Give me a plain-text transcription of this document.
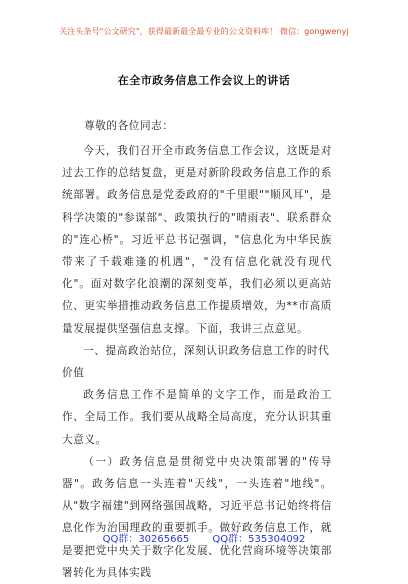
关注头条号"公文研究"，获得最新最全最专业的公文资料库！ 微信：gongwenyj
在全市政务信息工作会议上的讲话
尊敬的各位同志：

今天，我们召开全市政务信息工作会议，这既是对过去工作的总结复盘，更是对新阶段政务信息工作的系统部署。政务信息是党委政府的"千里眼""顺风耳"，是科学决策的"参谋部"、政策执行的"晴雨表"、联系群众的"连心桥"。习近平总书记强调，"信息化为中华民族带来了千载难逢的机遇"，"没有信息化就没有现代化"。面对数字化浪潮的深刻变革，我们必须以更高站位、更实举措推动政务信息工作提质增效，为**市高质量发展提供坚强信息支撑。下面，我讲三点意见。

一、提高政治站位，深刻认识政务信息工作的时代价值

政务信息工作不是简单的文字工作，而是政治工作、全局工作。我们要从战略全局高度，充分认识其重大意义。

（一）政务信息是贯彻党中央决策部署的"传导器"。政务信息一头连着"天线"，一头连着"地线"。从"数字福建"到网络强国战略，习近平总书记始终将信息化作为治国理政的重要抓手。做好政务信息工作，就是要把党中央关于数字化发展、优化营商环境等决策部署转化为具体实践

QQ群：30265665 QQ群：535304092
